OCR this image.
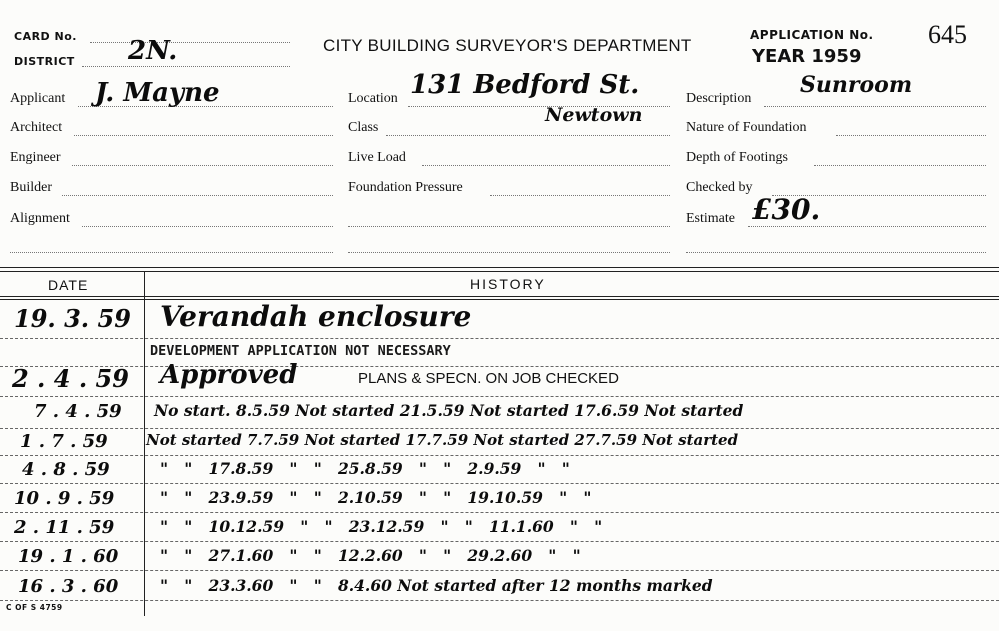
CARD No.
DISTRICT 2N.	CITY BUILDING SURVEYOR'S DEPARTMENT
APPLICATION No. 645
YEAR 1959
Applicant J. Mayne
Architect
Engineer
Builder
Alignment
Location 131 Bedford St.
Newtown
Class
Live Load
Foundation Pressure
Description
Sunroom
Nature of Foundation
Depth of Footings
Checked by
Estimate £30.
DATE	HISTORY
19. 3. 59 Verandah enclosure
DEVELOPMENT APPLICATION NOT NECESSARY
2 . 4 . 59 Approved	PLANS & SPECN. ON JOB CHECKED
7 . 4 . 59 No start. 8.5.59 Not started 21.5.59 Not started 17.6.59 Not started
1 . 7 . 59	Not started 7.7.59 Not started 17.7.59 Not started 27.7.59 Not started
4 . 8 . 59	"   "   17.8.59   "   "   25.8.59   "   "   2.9.59   "   "
10 . 9 . 59	"   "   23.9.59   "   "   2.10.59   "   "   19.10.59   "   "
2 . 11 . 59	"   "   10.12.59   "   "   23.12.59   "   "   11.1.60   "   "
19 . 1 . 60	"   "   27.1.60   "   "   12.2.60   "   "   29.2.60   "   "
16 . 3 . 60	"   "   23.3.60   "   "   8.4.60 Not started after 12 months marked
C OF S 4759
